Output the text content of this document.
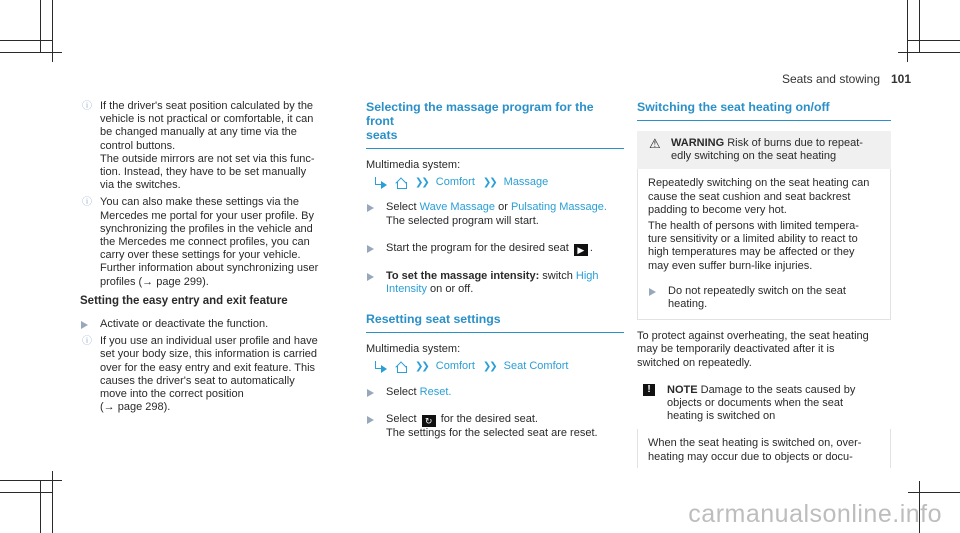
Seats and stowing 101
ⓘ If the driver's seat position calculated by the
vehicle is not practical or comfortable, it can
be changed manually at any time via the
control buttons.
The outside mirrors are not set via this func-
tion. Instead, they have to be set manually
via the switches.
ⓘ You can also make these settings via the
Mercedes me portal for your user profile. By
synchronizing the profiles in the vehicle and
the Mercedes me connect profiles, you can
carry over these settings for your vehicle.
Further information about synchronizing user
profiles (→ page 299).
Setting the easy entry and exit feature
Activate or deactivate the function.
ⓘ If you use an individual user profile and have
set your body size, this information is carried
over for the easy entry and exit feature. This
causes the driver's seat to automatically
move into the correct position
(→ page 298).
Selecting the massage program for the front
seats
Multimedia system:
❯❯ Comfort ❯❯ Massage
Select Wave Massage or Pulsating Massage.
The selected program will start.
Start the program for the desired seat ▶ .
To set the massage intensity: switch High
Intensity on or off.
Resetting seat settings
Multimedia system:
❯❯ Comfort ❯❯ Seat Comfort
Select Reset.
Select ↻ for the desired seat.
The settings for the selected seat are reset.
Switching the seat heating on/off
⚠ WARNING Risk of burns due to repeat-
edly switching on the seat heating
Repeatedly switching on the seat heating can
cause the seat cushion and seat backrest
padding to become very hot.
The health of persons with limited tempera-
ture sensitivity or a limited ability to react to
high temperatures may be affected or they
may even suffer burn-like injuries.
Do not repeatedly switch on the seat
heating.
To protect against overheating, the seat heating
may be temporarily deactivated after it is
switched on repeatedly.
!	NOTE Damage to the seats caused by
objects or documents when the seat
heating is switched on
When the seat heating is switched on, over-
heating may occur due to objects or docu-
carmanualsonline.info
